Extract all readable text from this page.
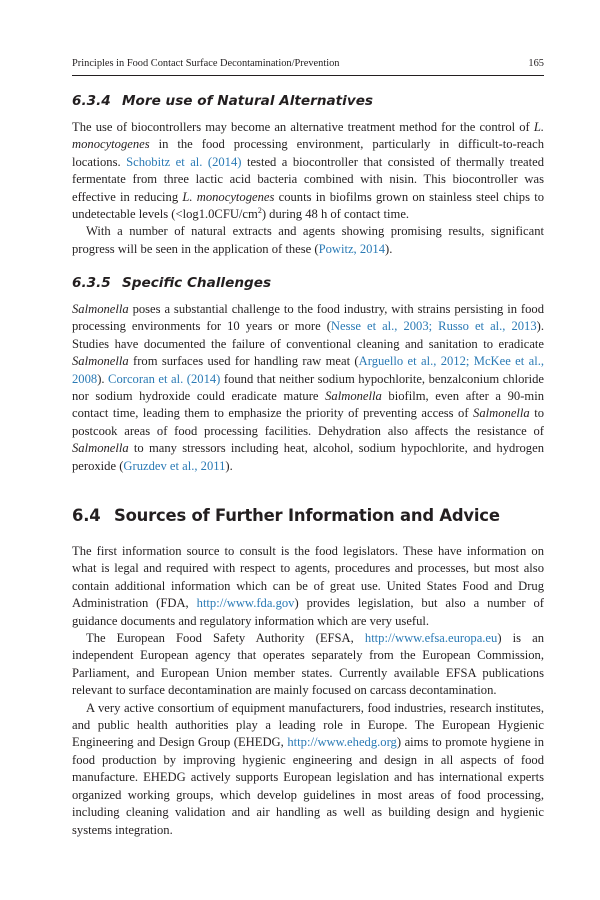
Principles in Food Contact Surface Decontamination/Prevention	165
6.3.4 More use of Natural Alternatives

The use of biocontrollers may become an alternative treatment method for the control of L. monocytogenes in the food processing environment, particularly in difficult-to-reach locations. Schobitz et al. (2014) tested a biocontroller that consisted of thermally treated fermentate from three lactic acid bacteria combined with nisin. This biocontroller was effective in reducing L. monocytogenes counts in biofilms grown on stainless steel chips to undetectable levels $(<\log 1.0CFU/cm^2)$ during 48 h of contact time.

With a number of natural extracts and agents showing promising results, significant progress will be seen in the application of these (Powitz, 2014).

6.3.5 Specific Challenges

Salmonella poses a substantial challenge to the food industry, with strains persisting in food processing environments for 10 years or more (Nesse et al., 2003; Russo et al., 2013). Studies have documented the failure of conventional cleaning and sanitation to eradicate Salmonella from surfaces used for handling raw meat (Arguello et al., 2012; McKee et al., 2008). Corcoran et al. (2014) found that neither sodium hypochlorite, benzalconium chloride nor sodium hydroxide could eradicate mature Salmonella biofilm, even after a 90-min contact time, leading them to emphasize the priority of preventing access of Salmonella to postcook areas of food processing facilities. Dehydration also affects the resistance of Salmonella to many stressors including heat, alcohol, sodium hypochlorite, and hydrogen peroxide (Gruzdev et al., 2011).

6.4 Sources of Further Information and Advice

The first information source to consult is the food legislators. These have information on what is legal and required with respect to agents, procedures and processes, but most also contain additional information which can be of great use. United States Food and Drug Administration (FDA, http://www.fda.gov) provides legislation, but also a number of guidance documents and regulatory information which are very useful.

The European Food Safety Authority (EFSA, http://www.efsa.europa.eu) is an independent European agency that operates separately from the European Commission, Parliament, and European Union member states. Currently available EFSA publications relevant to surface decontamination are mainly focused on carcass decontamination.

A very active consortium of equipment manufacturers, food industries, research institutes, and public health authorities play a leading role in Europe. The European Hygienic Engineering and Design Group (EHEDG, http://www.ehedg.org) aims to promote hygiene in food production by improving hygienic engineering and design in all aspects of food manufacture. EHEDG actively supports European legislation and has international experts organized working groups, which develop guidelines in most areas of food processing, including cleaning validation and air handling as well as building design and hygienic systems integration.
